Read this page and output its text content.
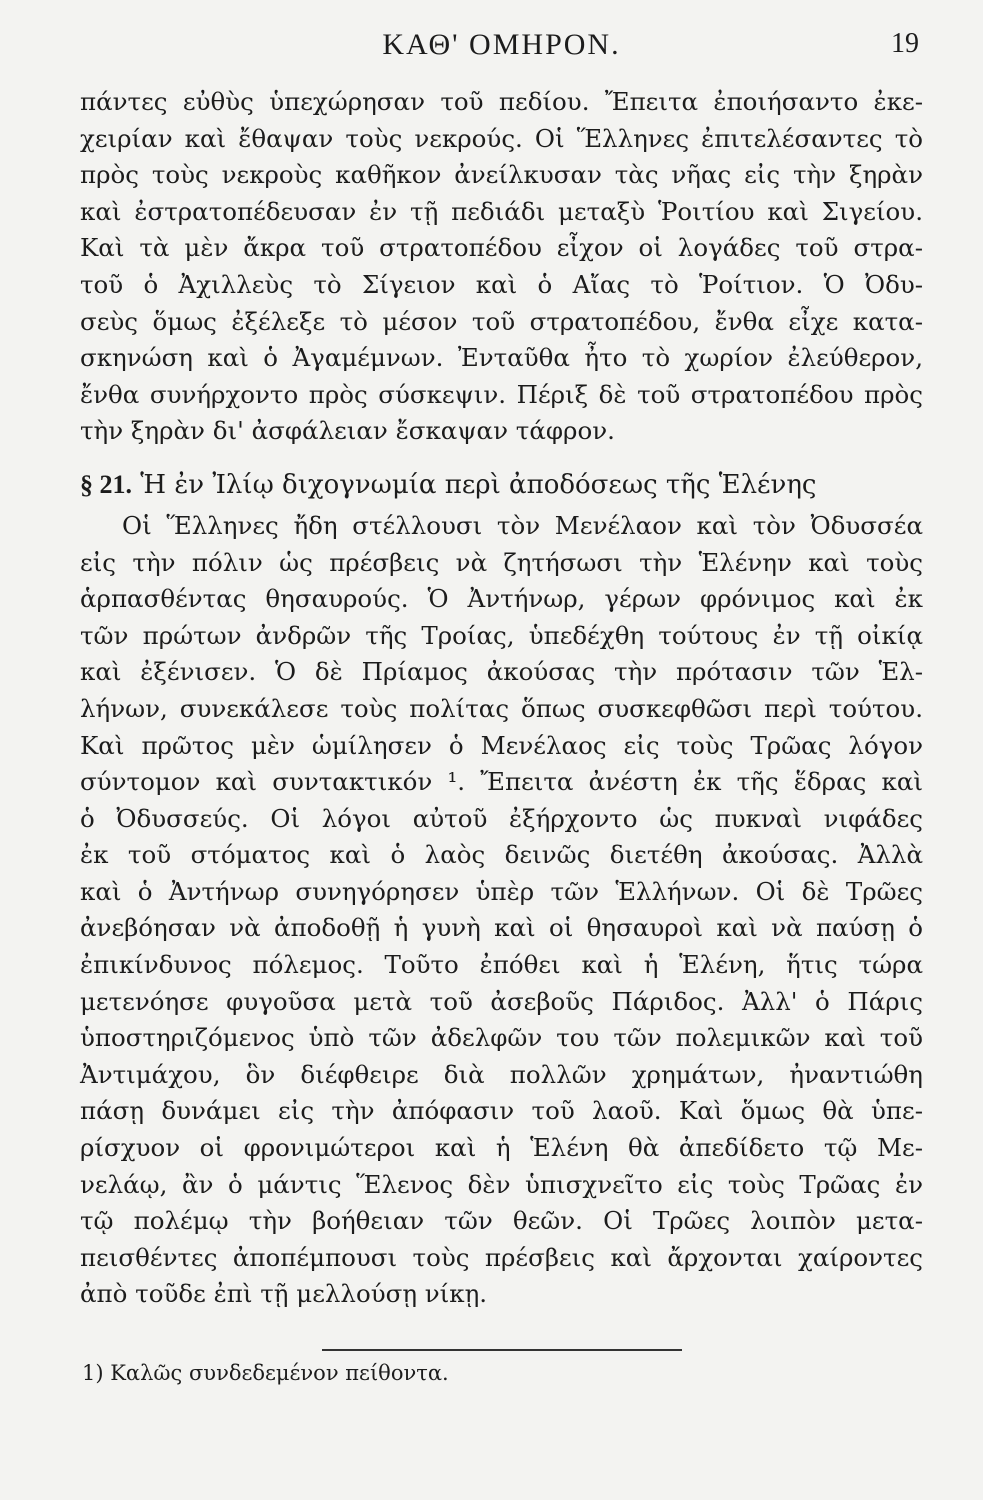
ΚΑΘ' ΟΜΗΡΟΝ.	19
πάντες εὐθὺς ὑπεχώρησαν τοῦ πεδίου. Ἔπειτα ἐποιήσαντο ἐκε-
χειρίαν καὶ ἔθαψαν τοὺς νεκρούς. Οἱ Ἕλληνες ἐπιτελέσαντες τὸ
πρὸς τοὺς νεκροὺς καθῆκον ἀνείλκυσαν τὰς νῆας εἰς τὴν ξηρὰν
καὶ ἐστρατοπέδευσαν ἐν τῇ πεδιάδι μεταξὺ Ῥοιτίου καὶ Σιγείου.
Καὶ τὰ μὲν ἄκρα τοῦ στρατοπέδου εἶχον οἱ λογάδες τοῦ στρα-
τοῦ ὁ Ἀχιλλεὺς τὸ Σίγειον καὶ ὁ Αἴας τὸ Ῥοίτιον. Ὁ Ὀδυ-
σεὺς ὅμως ἐξέλεξε τὸ μέσον τοῦ στρατοπέδου, ἔνθα εἶχε κατα-
σκηνώση καὶ ὁ Ἀγαμέμνων. Ἐνταῦθα ἦτο τὸ χωρίον ἐλεύθερον,
ἔνθα συνήρχοντο πρὸς σύσκεψιν. Πέριξ δὲ τοῦ στρατοπέδου πρὸς
τὴν ξηρὰν δι' ἀσφάλειαν ἔσκαψαν τάφρον.
§ 21. Ἡ ἐν Ἰλίῳ διχογνωμία περὶ ἀποδόσεως τῆς Ἑλένης
Οἱ Ἕλληνες ἤδη στέλλουσι τὸν Μενέλαον καὶ τὸν Ὀδυσσέα
εἰς τὴν πόλιν ὡς πρέσβεις νὰ ζητήσωσι τὴν Ἑλένην καὶ τοὺς
ἁρπασθέντας θησαυρούς. Ὁ Ἀντήνωρ, γέρων φρόνιμος καὶ ἐκ
τῶν πρώτων ἀνδρῶν τῆς Τροίας, ὑπεδέχθη τούτους ἐν τῇ οἰκίᾳ
καὶ ἐξένισεν. Ὁ δὲ Πρίαμος ἀκούσας τὴν πρότασιν τῶν Ἑλ-
λήνων, συνεκάλεσε τοὺς πολίτας ὅπως συσκεφθῶσι περὶ τούτου.
Καὶ πρῶτος μὲν ὡμίλησεν ὁ Μενέλαος εἰς τοὺς Τρῶας λόγον
σύντομον καὶ συντακτικόν ¹. Ἔπειτα ἀνέστη ἐκ τῆς ἕδρας καὶ
ὁ Ὀδυσσεύς. Οἱ λόγοι αὐτοῦ ἐξήρχοντο ὡς πυκναὶ νιφάδες
ἐκ τοῦ στόματος καὶ ὁ λαὸς δεινῶς διετέθη ἀκούσας. Ἀλλὰ
καὶ ὁ Ἀντήνωρ συνηγόρησεν ὑπὲρ τῶν Ἑλλήνων. Οἱ δὲ Τρῶες
ἀνεβόησαν νὰ ἀποδοθῇ ἡ γυνὴ καὶ οἱ θησαυροὶ καὶ νὰ παύσῃ ὁ
ἐπικίνδυνος πόλεμος. Τοῦτο ἐπόθει καὶ ἡ Ἑλένη, ἥτις τώρα
μετενόησε φυγοῦσα μετὰ τοῦ ἀσεβοῦς Πάριδος. Ἀλλ' ὁ Πάρις
ὑποστηριζόμενος ὑπὸ τῶν ἀδελφῶν του τῶν πολεμικῶν καὶ τοῦ
Ἀντιμάχου, ὃν διέφθειρε διὰ πολλῶν χρημάτων, ἠναντιώθη
πάσῃ δυνάμει εἰς τὴν ἀπόφασιν τοῦ λαοῦ. Καὶ ὅμως θὰ ὑπε-
ρίσχυον οἱ φρονιμώτεροι καὶ ἡ Ἑλένη θὰ ἀπεδίδετο τῷ Με-
νελάῳ, ἂν ὁ μάντις Ἕλενος δὲν ὑπισχνεῖτο εἰς τοὺς Τρῶας ἐν
τῷ πολέμῳ τὴν βοήθειαν τῶν θεῶν. Οἱ Τρῶες λοιπὸν μετα-
πεισθέντες ἀποπέμπουσι τοὺς πρέσβεις καὶ ἄρχονται χαίροντες
ἀπὸ τοῦδε ἐπὶ τῇ μελλούσῃ νίκῃ.
1) Καλῶς συνδεδεμένον πείθοντα.
